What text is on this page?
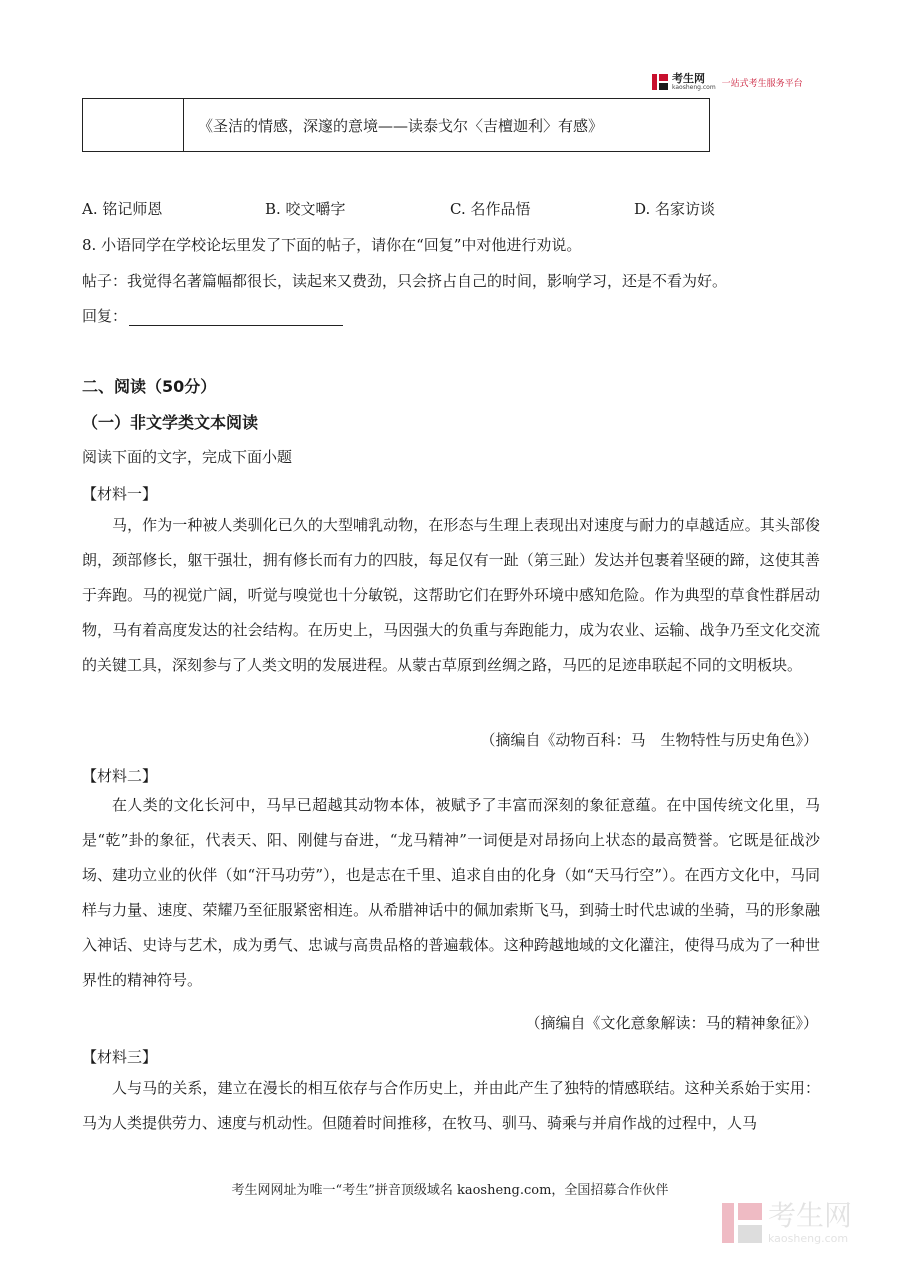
考生网
kaosheng.com 一站式考生服务平台
《圣洁的情感，深邃的意境——读泰戈尔〈吉檀迦利〉有感》
A. 铭记师恩	B. 咬文嚼字	C. 名作品悟	D. 名家访谈
8. 小语同学在学校论坛里发了下面的帖子，请你在“回复”中对他进行劝说。
帖子：我觉得名著篇幅都很长，读起来又费劲，只会挤占自己的时间，影响学习，还是不看为好。
回复：
二、阅读（50分）
（一）非文学类文本阅读
阅读下面的文字，完成下面小题
【材料一】
马，作为一种被人类驯化已久的大型哺乳动物，在形态与生理上表现出对速度与耐力的卓越适应。其头部俊朗，颈部修长，躯干强壮，拥有修长而有力的四肢，每足仅有一趾（第三趾）发达并包裹着坚硬的蹄，这使其善于奔跑。马的视觉广阔，听觉与嗅觉也十分敏锐，这帮助它们在野外环境中感知危险。作为典型的草食性群居动物，马有着高度发达的社会结构。在历史上，马因强大的负重与奔跑能力，成为农业、运输、战争乃至文化交流的关键工具，深刻参与了人类文明的发展进程。从蒙古草原到丝绸之路，马匹的足迹串联起不同的文明板块。
（摘编自《动物百科：马　生物特性与历史角色》）
【材料二】
在人类的文化长河中，马早已超越其动物本体，被赋予了丰富而深刻的象征意蕴。在中国传统文化里，马是“乾”卦的象征，代表天、阳、刚健与奋进，“龙马精神”一词便是对昂扬向上状态的最高赞誉。它既是征战沙场、建功立业的伙伴（如“汗马功劳”），也是志在千里、追求自由的化身（如“天马行空”）。在西方文化中，马同样与力量、速度、荣耀乃至征服紧密相连。从希腊神话中的佩加索斯飞马，到骑士时代忠诚的坐骑，马的形象融入神话、史诗与艺术，成为勇气、忠诚与高贵品格的普遍载体。这种跨越地域的文化灌注，使得马成为了一种世界性的精神符号。
（摘编自《文化意象解读：马的精神象征》）
【材料三】
人与马的关系，建立在漫长的相互依存与合作历史上，并由此产生了独特的情感联结。这种关系始于实用：马为人类提供劳力、速度与机动性。但随着时间推移，在牧马、驯马、骑乘与并肩作战的过程中，人马
考生网网址为唯一“考生”拼音顶级域名 kaosheng.com，全国招募合作伙伴
考生网
kaosheng.com
